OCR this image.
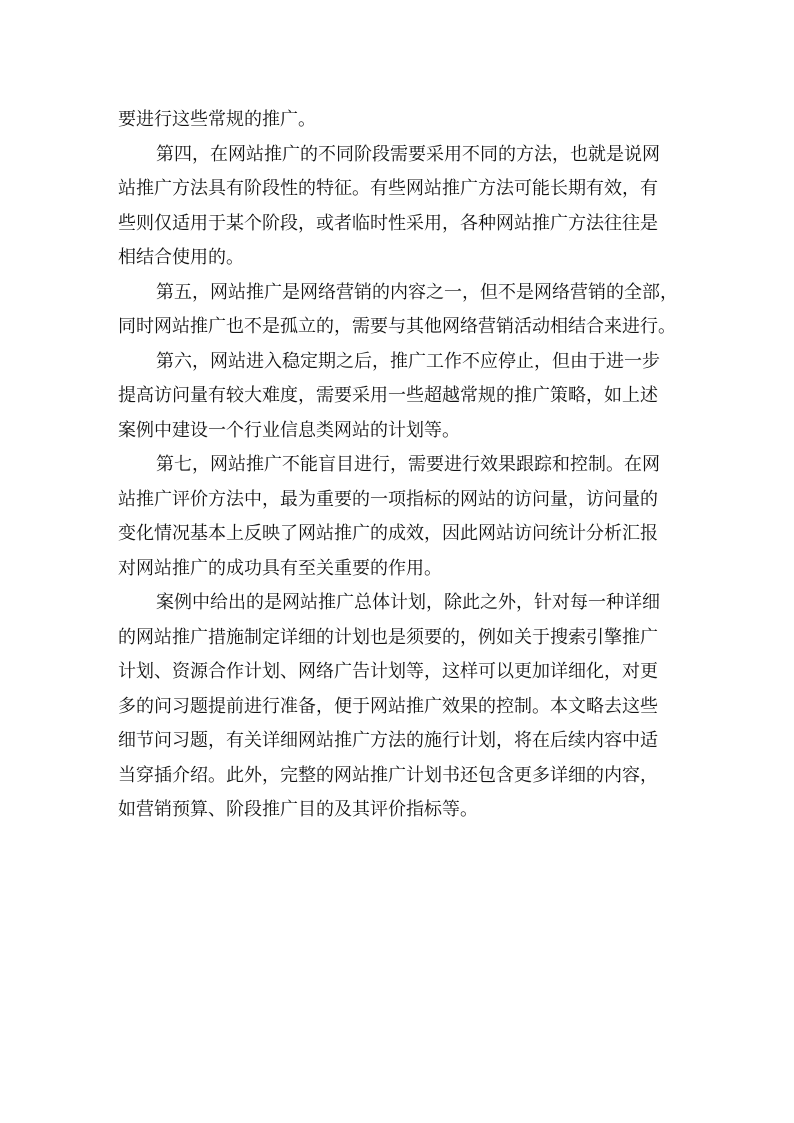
要进行这些常规的推广。
第四，在网站推广的不同阶段需要采用不同的方法，也就是说网
站推广方法具有阶段性的特征。有些网站推广方法可能长期有效，有
些则仅适用于某个阶段，或者临时性采用，各种网站推广方法往往是
相结合使用的。
第五，网站推广是网络营销的内容之一，但不是网络营销的全部，
同时网站推广也不是孤立的，需要与其他网络营销活动相结合来进行。
第六，网站进入稳定期之后，推广工作不应停止，但由于进一步
提高访问量有较大难度，需要采用一些超越常规的推广策略，如上述
案例中建设一个行业信息类网站的计划等。
第七，网站推广不能盲目进行，需要进行效果跟踪和控制。在网
站推广评价方法中，最为重要的一项指标的网站的访问量，访问量的
变化情况基本上反映了网站推广的成效，因此网站访问统计分析汇报
对网站推广的成功具有至关重要的作用。
案例中给出的是网站推广总体计划，除此之外，针对每一种详细
的网站推广措施制定详细的计划也是须要的，例如关于搜索引擎推广
计划、资源合作计划、网络广告计划等，这样可以更加详细化，对更
多的问习题提前进行准备，便于网站推广效果的控制。本文略去这些
细节问习题，有关详细网站推广方法的施行计划，将在后续内容中适
当穿插介绍。此外，完整的网站推广计划书还包含更多详细的内容，
如营销预算、阶段推广目的及其评价指标等。
